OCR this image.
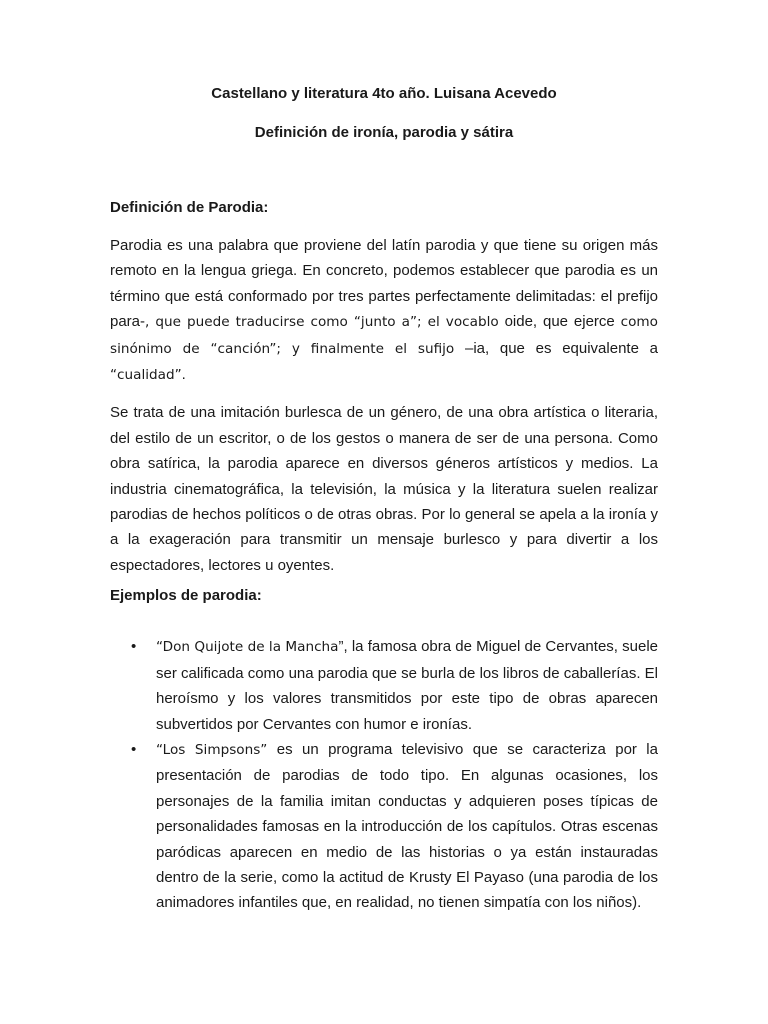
Castellano y literatura 4to año. Luisana Acevedo

Definición de ironía, parodia y sátira

Definición de Parodia:

Parodia es una palabra que proviene del latín parodia y que tiene su origen más remoto en la lengua griega. En concreto, podemos establecer que parodia es un término que está conformado por tres partes perfectamente delimitadas: el prefijo para-, que puede traducirse como “junto a”; el vocablo oide, que ejerce como sinónimo de “canción”; y finalmente el sufijo –ia, que es equivalente a “cualidad”.

Se trata de una imitación burlesca de un género, de una obra artística o literaria, del estilo de un escritor, o de los gestos o manera de ser de una persona. Como obra satírica, la parodia aparece en diversos géneros artísticos y medios. La industria cinematográfica, la televisión, la música y la literatura suelen realizar parodias de hechos políticos o de otras obras. Por lo general se apela a la ironía y a la exageración para transmitir un mensaje burlesco y para divertir a los espectadores, lectores u oyentes.

Ejemplos de parodia:

• “Don Quijote de la Mancha”, la famosa obra de Miguel de Cervantes, suele ser calificada como una parodia que se burla de los libros de caballerías. El heroísmo y los valores transmitidos por este tipo de obras aparecen subvertidos por Cervantes con humor e ironías.
• “Los Simpsons” es un programa televisivo que se caracteriza por la presentación de parodias de todo tipo. En algunas ocasiones, los personajes de la familia imitan conductas y adquieren poses típicas de personalidades famosas en la introducción de los capítulos. Otras escenas paródicas aparecen en medio de las historias o ya están instauradas dentro de la serie, como la actitud de Krusty El Payaso (una parodia de los animadores infantiles que, en realidad, no tienen simpatía con los niños).
